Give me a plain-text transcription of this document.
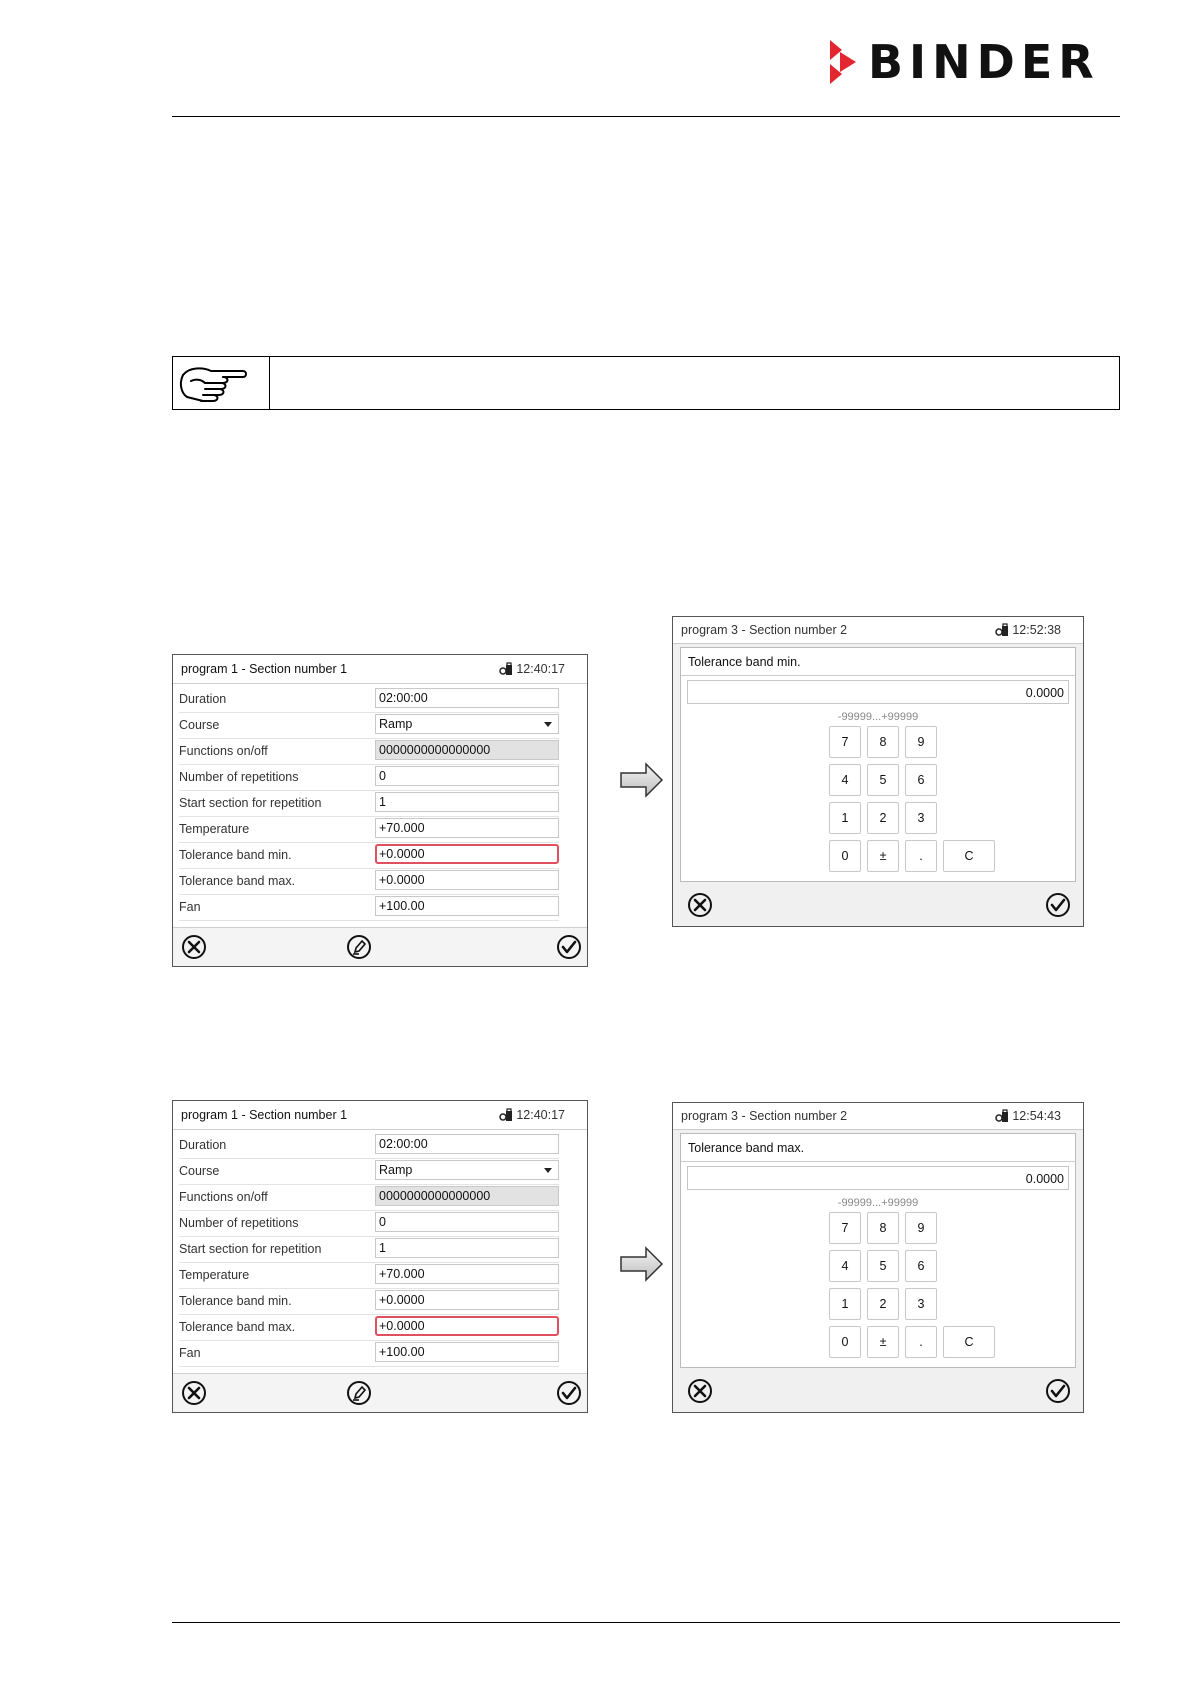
BINDER
program 1 - Section number 1	12:40:17
Duration	02:00:00
Course	Ramp
Functions on/off	0000000000000000
Number of repetitions	0
Start section for repetition	1
Temperature	+70.000
Tolerance band min.	+0.0000
Tolerance band max.	+0.0000
Fan	+100.00
program 3 - Section number 2	12:52:38
Tolerance band min.
0.0000
-99999...+99999
7	8	9
4	5	6
1	2	3
0	±	.	C
program 1 - Section number 1	12:40:17
Duration	02:00:00
Course	Ramp
Functions on/off	0000000000000000
Number of repetitions	0
Start section for repetition	1
Temperature	+70.000
Tolerance band min.	+0.0000
Tolerance band max.	+0.0000
Fan	+100.00
program 3 - Section number 2	12:54:43
Tolerance band max.
0.0000
-99999...+99999
7	8	9
4	5	6
1	2	3
0	±	.	C
